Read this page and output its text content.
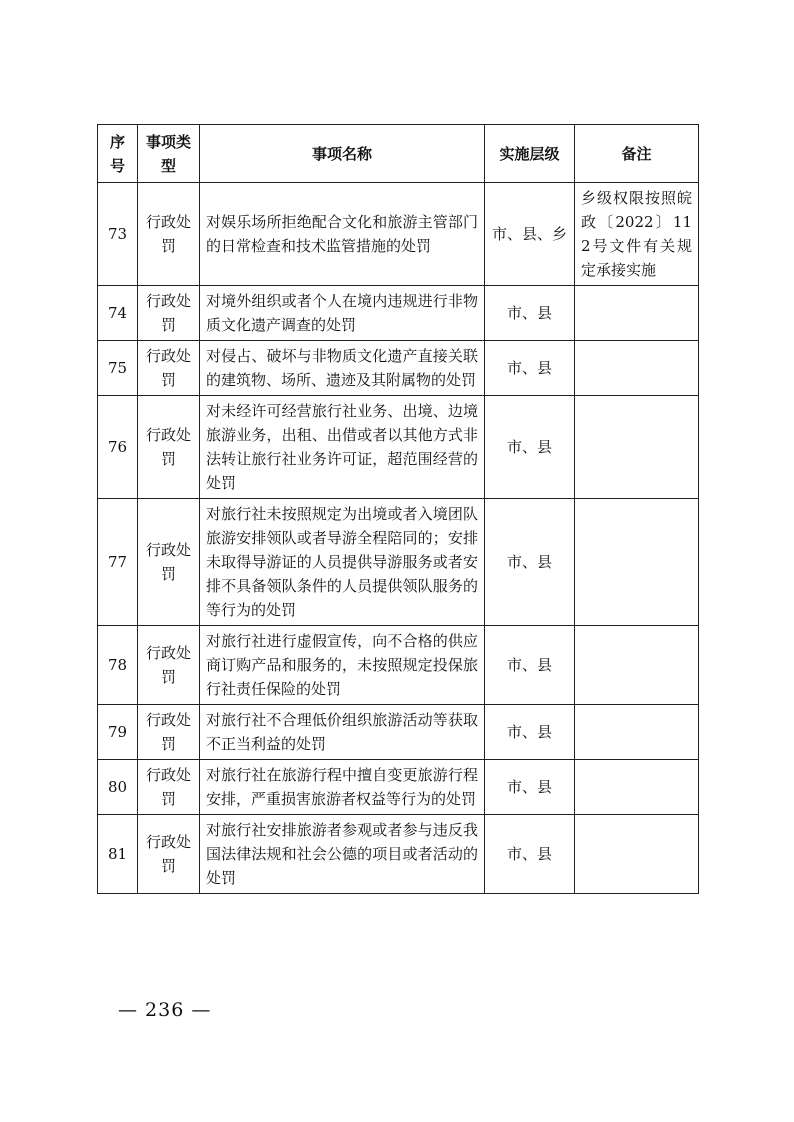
序号	事项类型	事项名称	实施层级	备注
73	行政处罚	对娱乐场所拒绝配合文化和旅游主管部门的日常检查和技术监管措施的处罚	市、县、乡	乡级权限按照皖政〔2022〕112号文件有关规定承接实施
74	行政处罚	对境外组织或者个人在境内违规进行非物质文化遗产调查的处罚	市、县	
75	行政处罚	对侵占、破坏与非物质文化遗产直接关联的建筑物、场所、遗迹及其附属物的处罚	市、县	
76	行政处罚	对未经许可经营旅行社业务、出境、边境旅游业务，出租、出借或者以其他方式非法转让旅行社业务许可证，超范围经营的处罚	市、县	
77	行政处罚	对旅行社未按照规定为出境或者入境团队旅游安排领队或者导游全程陪同的；安排未取得导游证的人员提供导游服务或者安排不具备领队条件的人员提供领队服务的等行为的处罚	市、县	
78	行政处罚	对旅行社进行虚假宣传，向不合格的供应商订购产品和服务的，未按照规定投保旅行社责任保险的处罚	市、县	
79	行政处罚	对旅行社不合理低价组织旅游活动等获取不正当利益的处罚	市、县	
80	行政处罚	对旅行社在旅游行程中擅自变更旅游行程安排，严重损害旅游者权益等行为的处罚	市、县	
81	行政处罚	对旅行社安排旅游者参观或者参与违反我国法律法规和社会公德的项目或者活动的处罚	市、县	
— 236 —
